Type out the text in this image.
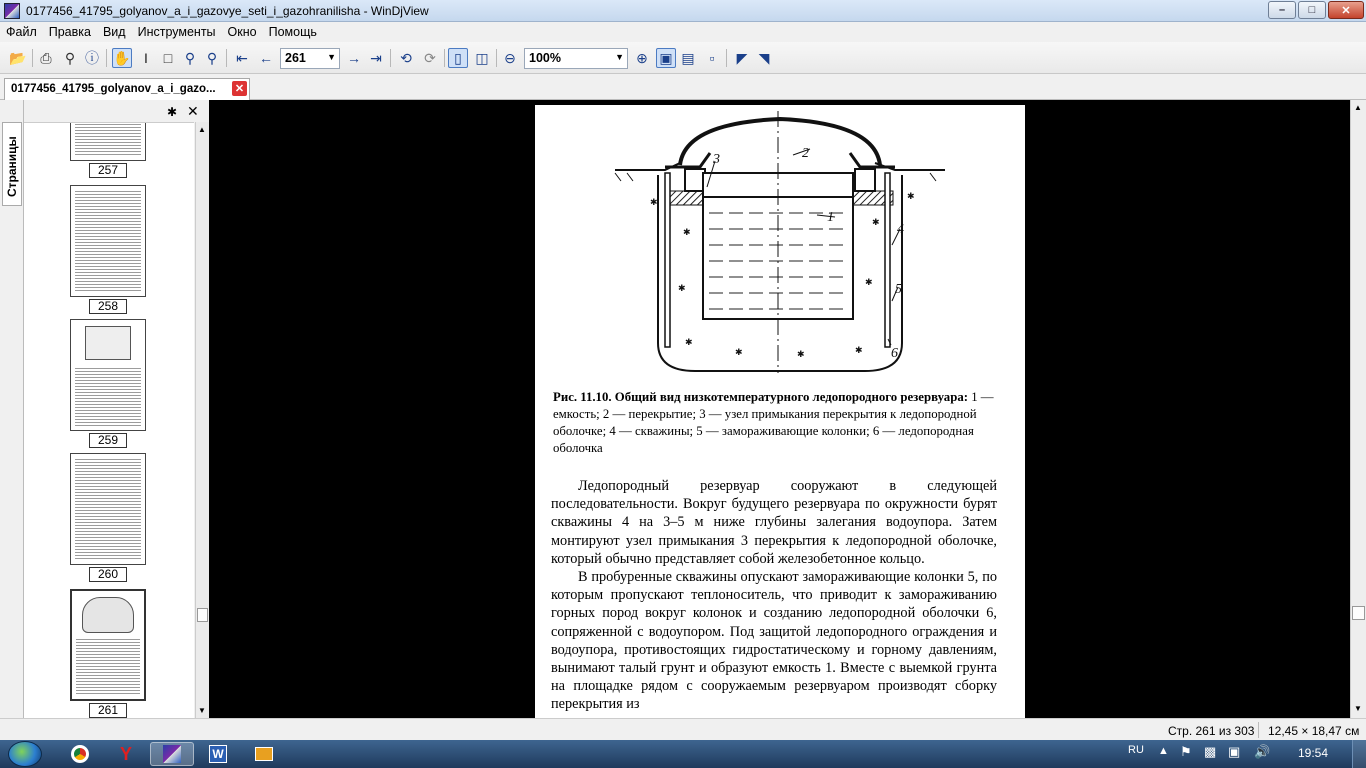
0177456_41795_golyanov_a_i_gazovye_seti_i_gazohranilisha - WinDjView	–	□	✕
Файл Правка Вид Инструменты Окно Помощь
📂 ⎙ ⚲ ⓘ ✋ I	□ ⚲ ⚲	⇤ ← 261 ▼ → ⇥ ⟲ ⟳	▯ ◫ ⊖	100%	▼ ⊕ ▣ ▤	▫	◤ ◥
0177456_41795_golyanov_a_i_gazo...	✕
Страницы
✱ ✕
257
258
259
260
261
▲
▼
✱
✱
✱
✱	✱	✱
✱
✱
✱
✱
1
2
3
4
5
6
Рис. 11.10. Общий вид низкотемпературного ледопородного резервуара: 1 — емкость; 2 — перекрытие; 3 — узел примыкания перекрытия к ледопородной оболочке; 4 — скважины; 5 — замораживающие колонки; 6 — ледопородная оболочка

Ледопородный резервуар сооружают в следующей последовательности. Вокруг будущего резервуара по окружности бурят скважины 4 на 3–5 м ниже глубины залегания водоупора. Затем монтируют узел примыкания 3 перекрытия к ледопородной оболочке, который обычно представляет собой железобетонное кольцо.

В пробуренные скважины опускают замораживающие колонки 5, по которым пропускают теплоноситель, что приводит к замораживанию горных пород вокруг колонок и созданию ледопородной оболочки 6, сопряженной с водоупором. Под защитой ледопородного ограждения и водоупора, противостоящих гидростатическому и горному давлениям, вынимают талый грунт и образуют емкость 1. Вместе с выемкой грунта на площадке рядом с сооружаемым резервуаром производят сборку перекрытия из

▲
▼
Стр. 261 из 303 12,45 × 18,47 см
Y	W	RU ▲ ⚑ ▩ ▣ 🔊 19:54
